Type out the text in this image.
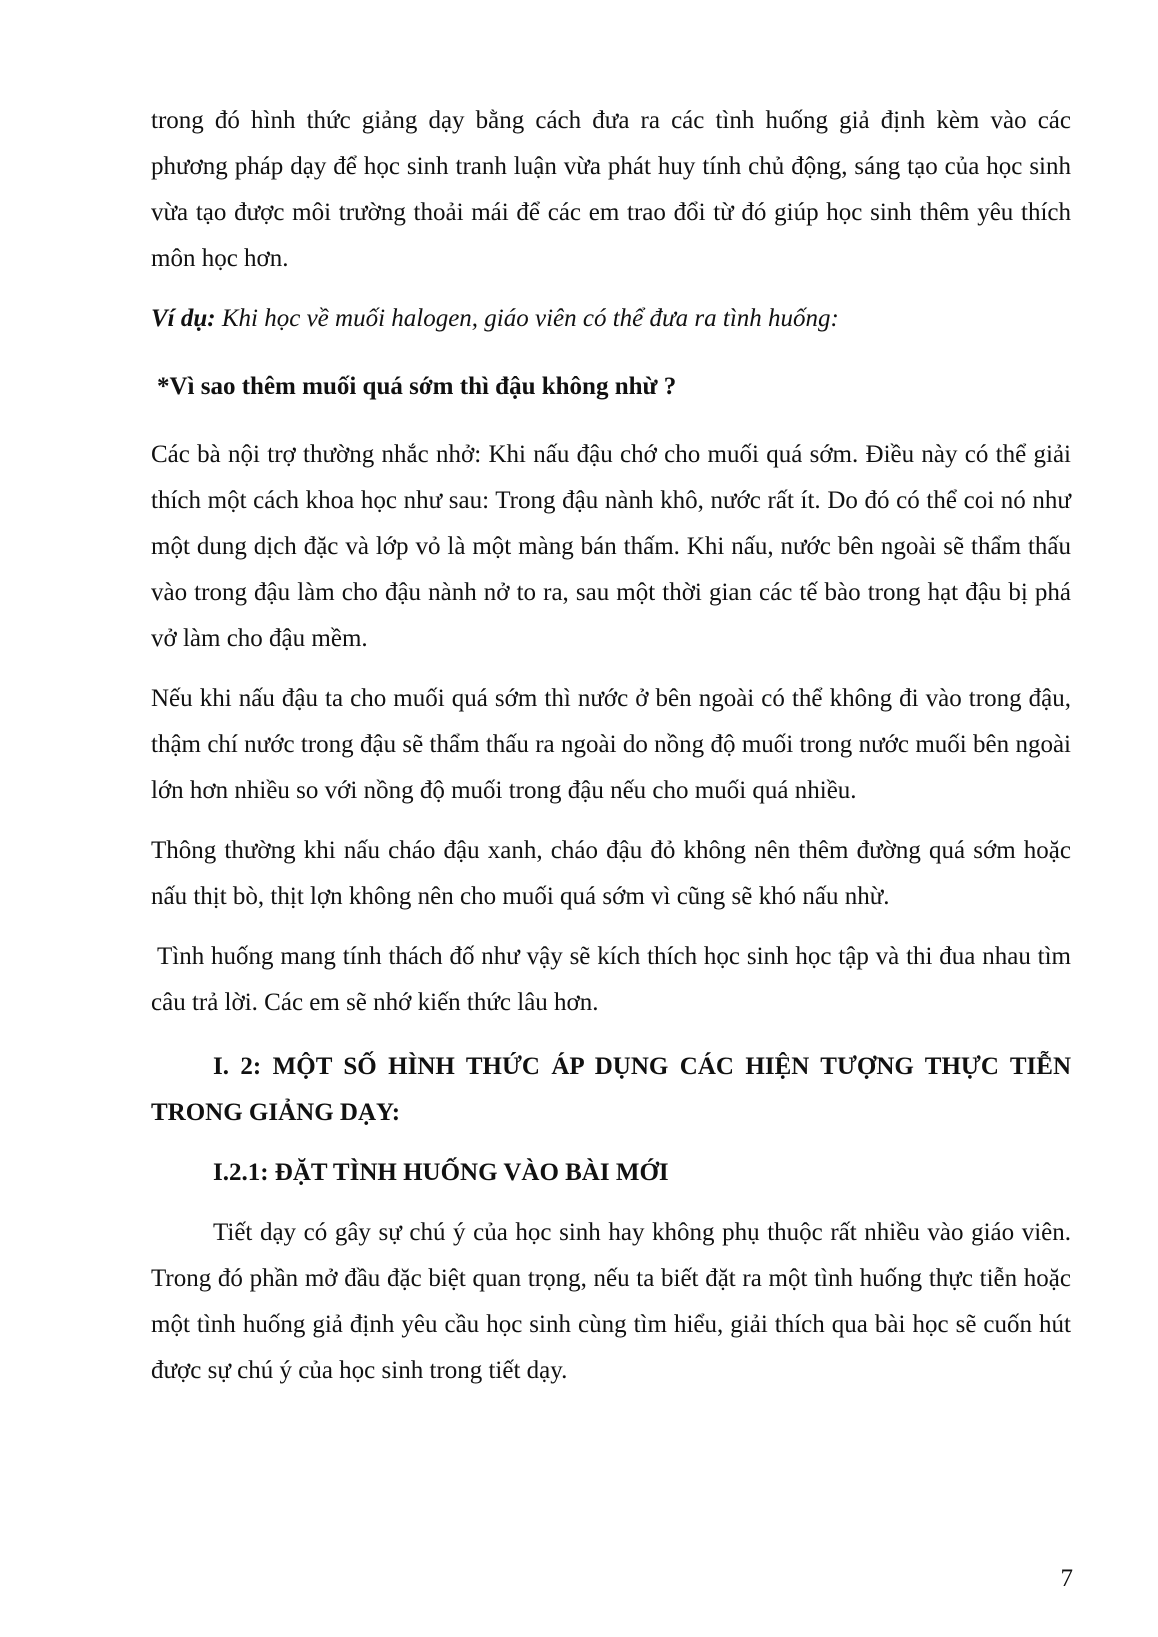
trong đó hình thức giảng dạy bằng cách đưa ra các tình huống giả định kèm vào các phương pháp dạy để học sinh tranh luận vừa phát huy tính chủ động, sáng tạo của học sinh vừa tạo được môi trường thoải mái để các em trao đổi từ đó giúp học sinh thêm yêu thích môn học hơn.

Ví dụ: Khi học về muối halogen, giáo viên có thể đưa ra tình huống:

*Vì sao thêm muối quá sớm thì đậu không nhừ ?

Các bà nội trợ thường nhắc nhở: Khi nấu đậu chớ cho muối quá sớm. Điều này có thể giải thích một cách khoa học như sau: Trong đậu nành khô, nước rất ít. Do đó có thể coi nó như một dung dịch đặc và lớp vỏ là một màng bán thấm. Khi nấu, nước bên ngoài sẽ thẩm thấu vào trong đậu làm cho đậu nành nở to ra, sau một thời gian các tế bào trong hạt đậu bị phá vở làm cho đậu mềm.

Nếu khi nấu đậu ta cho muối quá sớm thì nước ở bên ngoài có thể không đi vào trong đậu, thậm chí nước trong đậu sẽ thẩm thấu ra ngoài do nồng độ muối trong nước muối bên ngoài lớn hơn nhiều so với nồng độ muối trong đậu nếu cho muối quá nhiều.

Thông thường khi nấu cháo đậu xanh, cháo đậu đỏ không nên thêm đường quá sớm hoặc nấu thịt bò, thịt lợn không nên cho muối quá sớm vì cũng sẽ khó nấu nhừ.

Tình huống mang tính thách đố như vậy sẽ kích thích học sinh học tập và thi đua nhau tìm câu trả lời. Các em sẽ nhớ kiến thức lâu hơn.

I. 2: MỘT SỐ HÌNH THỨC ÁP DỤNG CÁC HIỆN TƯỢNG THỰC TIỄN TRONG GIẢNG DẠY:

I.2.1: ĐẶT TÌNH HUỐNG VÀO BÀI MỚI

Tiết dạy có gây sự chú ý của học sinh hay không phụ thuộc rất nhiều vào giáo viên. Trong đó phần mở đầu đặc biệt quan trọng, nếu ta biết đặt ra một tình huống thực tiễn hoặc một tình huống giả định yêu cầu học sinh cùng tìm hiểu, giải thích qua bài học sẽ cuốn hút được sự chú ý của học sinh trong tiết dạy.

7
